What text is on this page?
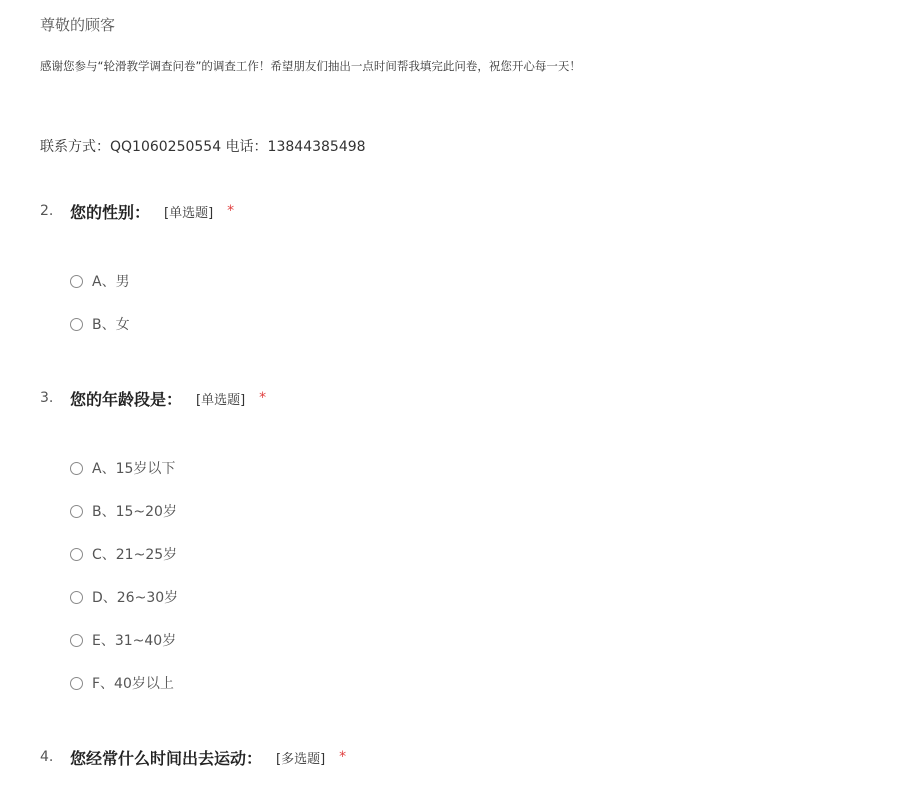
尊敬的顾客
感谢您参与“轮滑教学调查问卷”的调查工作！希望朋友们抽出一点时间帮我填完此问卷，祝您开心每一天！
联系方式：QQ1060250554 电话：13844385498
2.	您的性别： [单选题] *
A、男
B、女
3.	您的年龄段是： [单选题] *
A、15岁以下
B、15~20岁
C、21~25岁
D、26~30岁
E、31~40岁
F、40岁以上
4.	您经常什么时间出去运动： [多选题] *
